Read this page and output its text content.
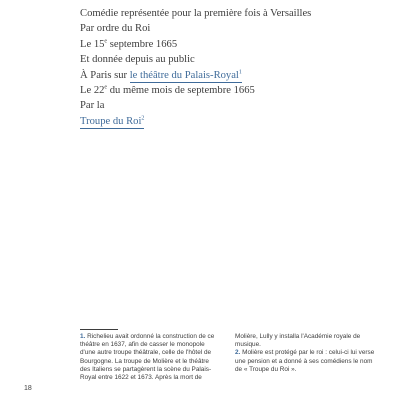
Comédie représentée pour la première fois à Versailles
Par ordre du Roi
Le 15e septembre 1665
Et donnée depuis au public
À Paris sur le théâtre du Palais-Royal$^1$
Le 22e du même mois de septembre 1665
Par la
Troupe du Roi$^2$

1. Richelieu avait ordonné la construction de ce théâtre en 1637, afin de casser le monopole d'une autre troupe théâtrale, celle de l'hôtel de Bourgogne. La troupe de Molière et le théâtre des Italiens se partagèrent la scène du Palais-Royal entre 1622 et 1673. Après la mort de Molière, Lully y installa l'Académie royale de musique.

2. Molière est protégé par le roi : celui-ci lui verse une pension et a donné à ses comédiens le nom de « Troupe du Roi ».

18
